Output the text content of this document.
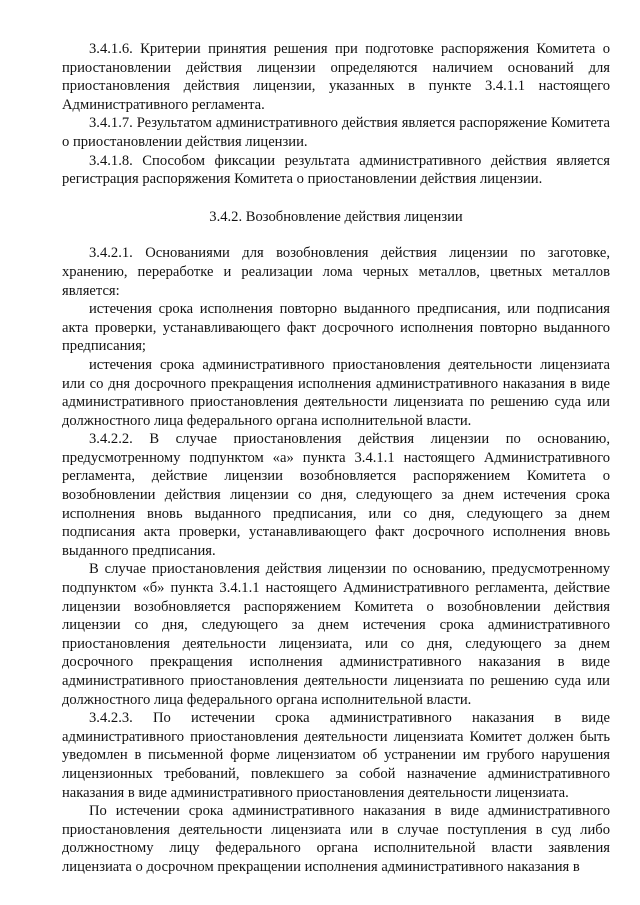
3.4.1.6. Критерии принятия решения при подготовке распоряжения Комитета о приостановлении действия лицензии определяются наличием оснований для приостановления действия лицензии, указанных в пункте 3.4.1.1 настоящего Административного регламента.

3.4.1.7. Результатом административного действия является распоряжение Комитета о приостановлении действия лицензии.

3.4.1.8. Способом фиксации результата административного действия является регистрация распоряжения Комитета о приостановлении действия лицензии.

3.4.2. Возобновление действия лицензии

3.4.2.1. Основаниями для возобновления действия лицензии по заготовке, хранению, переработке и реализации лома черных металлов, цветных металлов является:

истечения срока исполнения повторно выданного предписания, или подписания акта проверки, устанавливающего факт досрочного исполнения повторно выданного предписания;

истечения срока административного приостановления деятельности лицензиата или со дня досрочного прекращения исполнения административного наказания в виде административного приостановления деятельности лицензиата по решению суда или должностного лица федерального органа исполнительной власти.

3.4.2.2. В случае приостановления действия лицензии по основанию, предусмотренному подпунктом «а» пункта 3.4.1.1 настоящего Административного регламента, действие лицензии возобновляется распоряжением Комитета о возобновлении действия лицензии со дня, следующего за днем истечения срока исполнения вновь выданного предписания, или со дня, следующего за днем подписания акта проверки, устанавливающего факт досрочного исполнения вновь выданного предписания.

В случае приостановления действия лицензии по основанию, предусмотренному подпунктом «б» пункта 3.4.1.1 настоящего Административного регламента, действие лицензии возобновляется распоряжением Комитета о возобновлении действия лицензии со дня, следующего за днем истечения срока административного приостановления деятельности лицензиата, или со дня, следующего за днем досрочного прекращения исполнения административного наказания в виде административного приостановления деятельности лицензиата по решению суда или должностного лица федерального органа исполнительной власти.

3.4.2.3. По истечении срока административного наказания в виде административного приостановления деятельности лицензиата Комитет должен быть уведомлен в письменной форме лицензиатом об устранении им грубого нарушения лицензионных требований, повлекшего за собой назначение административного наказания в виде административного приостановления деятельности лицензиата.

По истечении срока административного наказания в виде административного приостановления деятельности лицензиата или в случае поступления в суд либо должностному лицу федерального органа исполнительной власти заявления лицензиата о досрочном прекращении исполнения административного наказания в
